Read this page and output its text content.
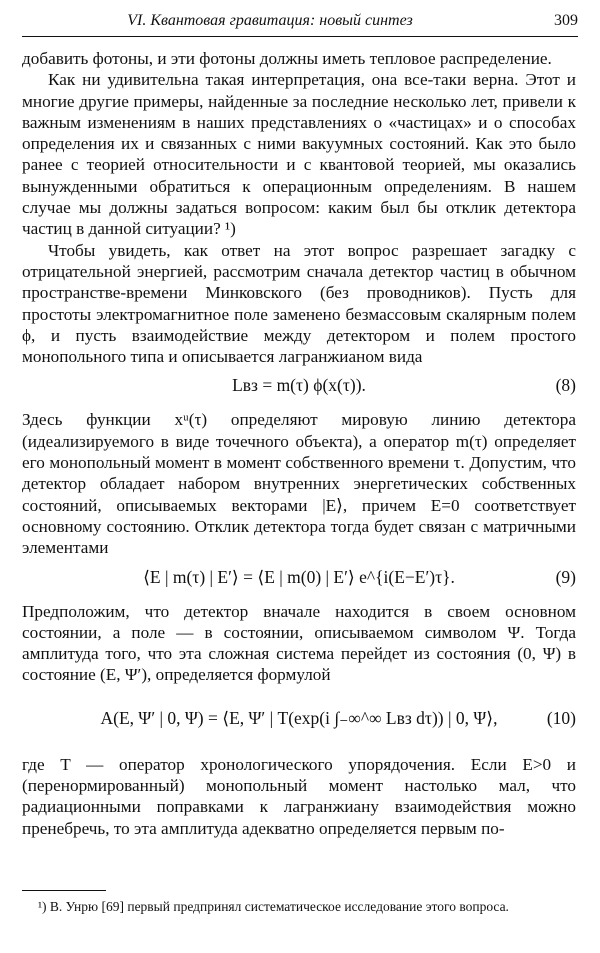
VI. Квантовая гравитация: новый синтез	309

добавить фотоны, и эти фотоны должны иметь тепловое распределение.

Как ни удивительна такая интерпретация, она все-таки верна. Этот и многие другие примеры, найденные за последние несколько лет, привели к важным изменениям в наших представлениях о «частицах» и о способах определения их и связанных с ними вакуумных состояний. Как это было ранее с теорией относительности и с квантовой теорией, мы оказались вынужденными обратиться к операционным определениям. В нашем случае мы должны задаться вопросом: каким был бы отклик детектора частиц в данной ситуации? ¹)

Чтобы увидеть, как ответ на этот вопрос разрешает загадку с отрицательной энергией, рассмотрим сначала детектор частиц в обычном пространстве-времени Минковского (без проводников). Пусть для простоты электромагнитное поле заменено безмассовым скалярным полем ϕ, и пусть взаимодействие между детектором и полем простого монопольного типа и описывается лагранжианом вида

Lвз = m(τ) ϕ(x(τ)).	(8)

Здесь функции xᵘ(τ) определяют мировую линию детектора (идеализируемого в виде точечного объекта), а оператор m(τ) определяет его монопольный момент в момент собственного времени τ. Допустим, что детектор обладает набором внутренних энергетических собственных состояний, описываемых векторами |E⟩, причем E=0 соответствует основному состоянию. Отклик детектора тогда будет связан с матричными элементами

⟨E | m(τ) | E′⟩ = ⟨E | m(0) | E′⟩ e^{i(E−E′)τ}.	(9)

Предположим, что детектор вначале находится в своем основном состоянии, а поле — в состоянии, описываемом символом Ψ. Тогда амплитуда того, что эта сложная система перейдет из состояния (0, Ψ) в состояние (E, Ψ′), определяется формулой

A(E, Ψ′ | 0, Ψ) = ⟨E, Ψ′ | T(exp(i ∫₋∞^∞ Lвз dτ)) | 0, Ψ⟩,	(10)

где T — оператор хронологического упорядочения. Если E>0 и (перенормированный) монопольный момент настолько мал, что радиационными поправками к лагранжиану взаимодействия можно пренебречь, то эта амплитуда адекватно определяется первым по-

¹) В. Унрю [69] первый предпринял систематическое исследование этого вопроса.
